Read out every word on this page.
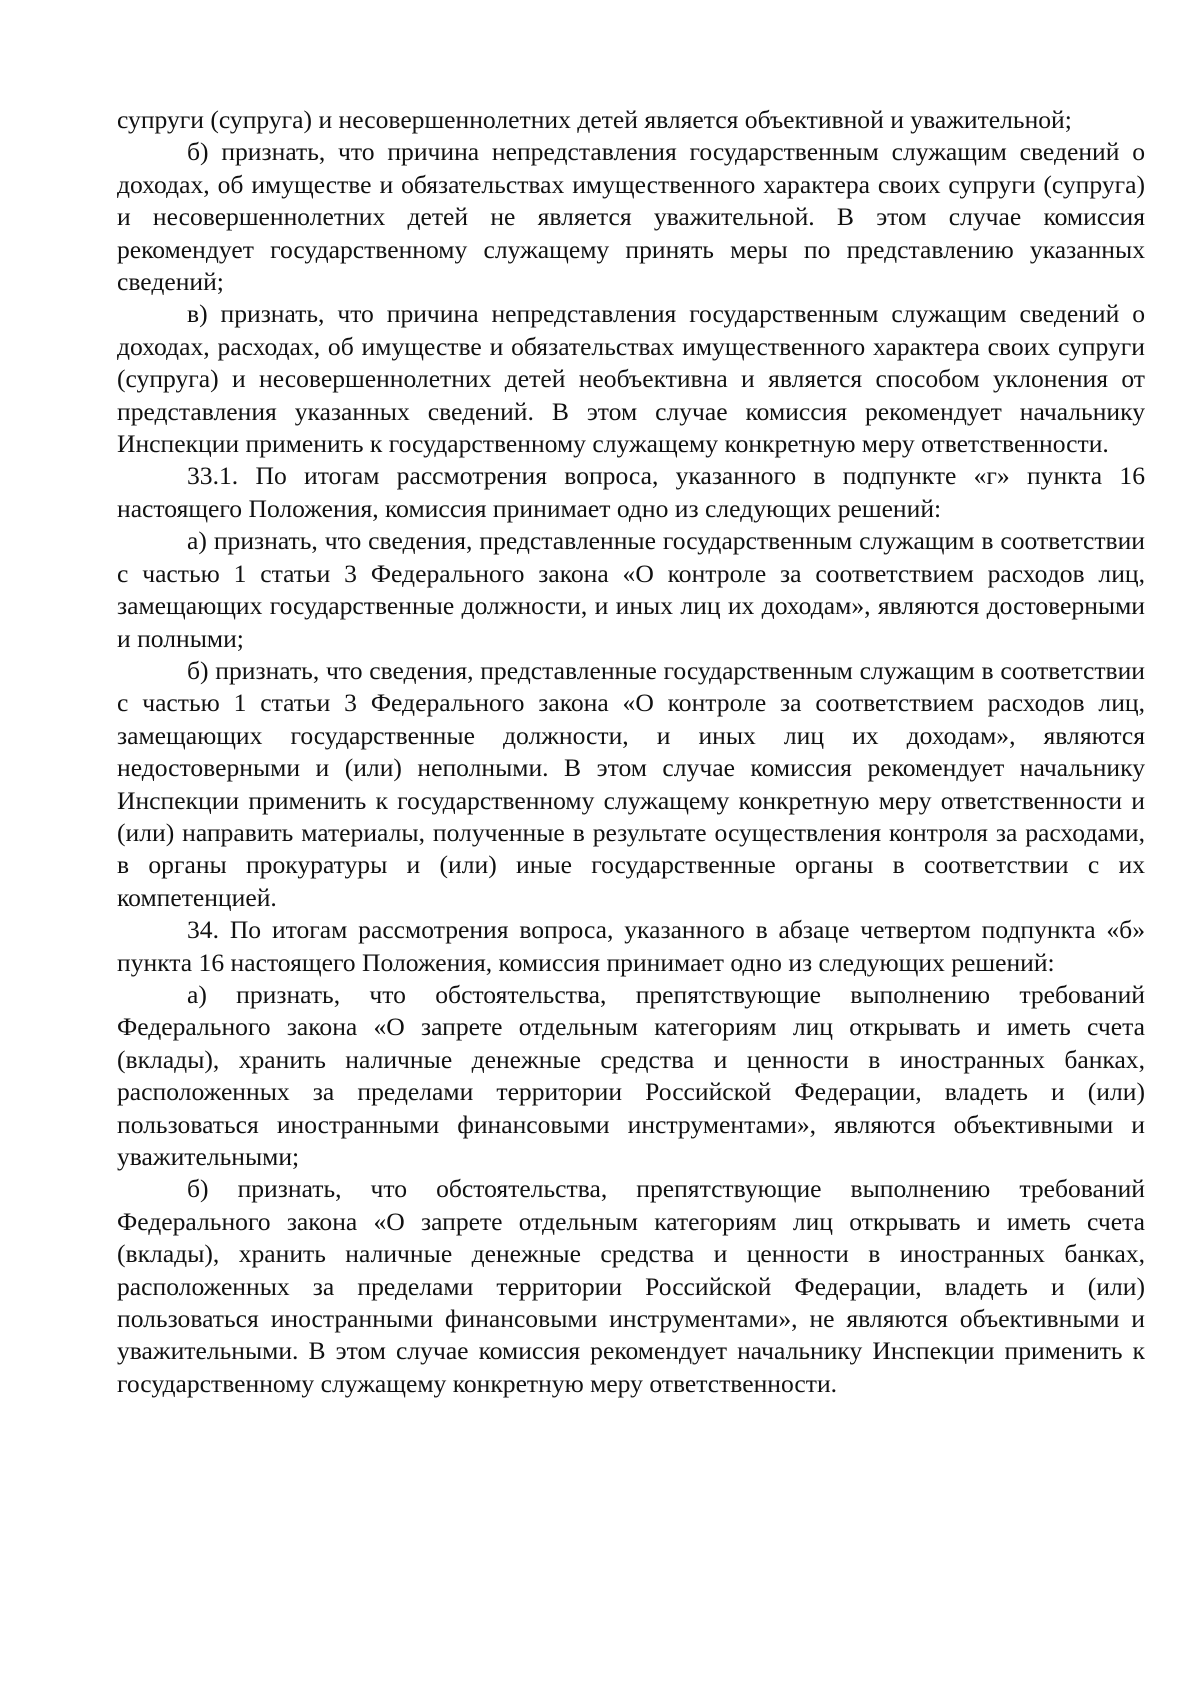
супруги (супруга) и несовершеннолетних детей является объективной и уважительной;

б) признать, что причина непредставления государственным служащим сведений о доходах, об имуществе и обязательствах имущественного характера своих супруги (супруга) и несовершеннолетних детей не является уважительной. В этом случае комиссия рекомендует государственному служащему принять меры по представлению указанных сведений;

в) признать, что причина непредставления государственным служащим сведений о доходах, расходах, об имуществе и обязательствах имущественного характера своих супруги (супруга) и несовершеннолетних детей необъективна и является способом уклонения от представления указанных сведений. В этом случае комиссия рекомендует начальнику Инспекции применить к государственному служащему конкретную меру ответственности.

33.1. По итогам рассмотрения вопроса, указанного в подпункте «г» пункта 16 настоящего Положения, комиссия принимает одно из следующих решений:

а) признать, что сведения, представленные государственным служащим в соответствии с частью 1 статьи 3 Федерального закона «О контроле за соответствием расходов лиц, замещающих государственные должности, и иных лиц их доходам», являются достоверными и полными;

б) признать, что сведения, представленные государственным служащим в соответствии с частью 1 статьи 3 Федерального закона «О контроле за соответствием расходов лиц, замещающих государственные должности, и иных лиц их доходам», являются недостоверными и (или) неполными. В этом случае комиссия рекомендует начальнику Инспекции применить к государственному служащему конкретную меру ответственности и (или) направить материалы, полученные в результате осуществления контроля за расходами, в органы прокуратуры и (или) иные государственные органы в соответствии с их компетенцией.

34. По итогам рассмотрения вопроса, указанного в абзаце четвертом подпункта «б» пункта 16 настоящего Положения, комиссия принимает одно из следующих решений:

а) признать, что обстоятельства, препятствующие выполнению требований Федерального закона «О запрете отдельным категориям лиц открывать и иметь счета (вклады), хранить наличные денежные средства и ценности в иностранных банках, расположенных за пределами территории Российской Федерации, владеть и (или) пользоваться иностранными финансовыми инструментами», являются объективными и уважительными;

б) признать, что обстоятельства, препятствующие выполнению требований Федерального закона «О запрете отдельным категориям лиц открывать и иметь счета (вклады), хранить наличные денежные средства и ценности в иностранных банках, расположенных за пределами территории Российской Федерации, владеть и (или) пользоваться иностранными финансовыми инструментами», не являются объективными и уважительными. В этом случае комиссия рекомендует начальнику Инспекции применить к государственному служащему конкретную меру ответственности.
